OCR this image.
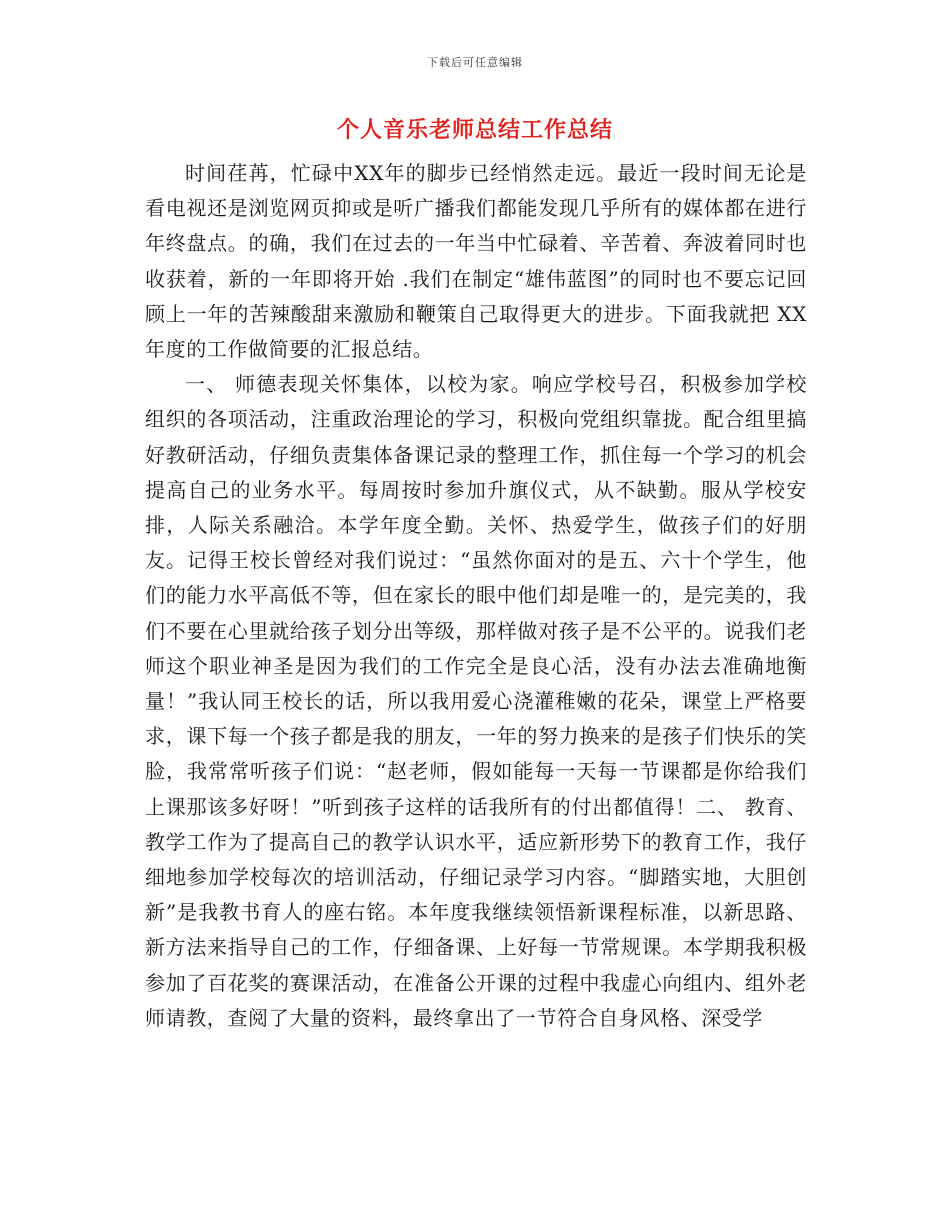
下载后可任意编辑
个人音乐老师总结工作总结

时间荏苒，忙碌中XX年的脚步已经悄然走远。最近一段时间无论是看电视还是浏览网页抑或是听广播我们都能发现几乎所有的媒体都在进行年终盘点。的确，我们在过去的一年当中忙碌着、辛苦着、奔波着同时也收获着，新的一年即将开始 .我们在制定“雄伟蓝图”的同时也不要忘记回顾上一年的苦辣酸甜来激励和鞭策自己取得更大的进步。下面我就把 XX 年度的工作做简要的汇报总结。

一、 师德表现关怀集体，以校为家。响应学校号召，积极参加学校组织的各项活动，注重政治理论的学习，积极向党组织靠拢。配合组里搞好教研活动，仔细负责集体备课记录的整理工作，抓住每一个学习的机会提高自己的业务水平。每周按时参加升旗仪式，从不缺勤。服从学校安排，人际关系融洽。本学年度全勤。关怀、热爱学生，做孩子们的好朋友。记得王校长曾经对我们说过：“虽然你面对的是五、六十个学生，他们的能力水平高低不等，但在家长的眼中他们却是唯一的，是完美的，我们不要在心里就给孩子划分出等级，那样做对孩子是不公平的。说我们老师这个职业神圣是因为我们的工作完全是良心活，没有办法去准确地衡量！”我认同王校长的话，所以我用爱心浇灌稚嫩的花朵，课堂上严格要求，课下每一个孩子都是我的朋友，一年的努力换来的是孩子们快乐的笑脸，我常常听孩子们说：“赵老师，假如能每一天每一节课都是你给我们上课那该多好呀！”听到孩子这样的话我所有的付出都值得！二、 教育、教学工作为了提高自己的教学认识水平，适应新形势下的教育工作，我仔细地参加学校每次的培训活动，仔细记录学习内容。“脚踏实地，大胆创新”是我教书育人的座右铭。本年度我继续领悟新课程标准，以新思路、新方法来指导自己的工作，仔细备课、上好每一节常规课。本学期我积极参加了百花奖的赛课活动，在准备公开课的过程中我虚心向组内、组外老师请教，查阅了大量的资料，最终拿出了一节符合自身风格、深受学
